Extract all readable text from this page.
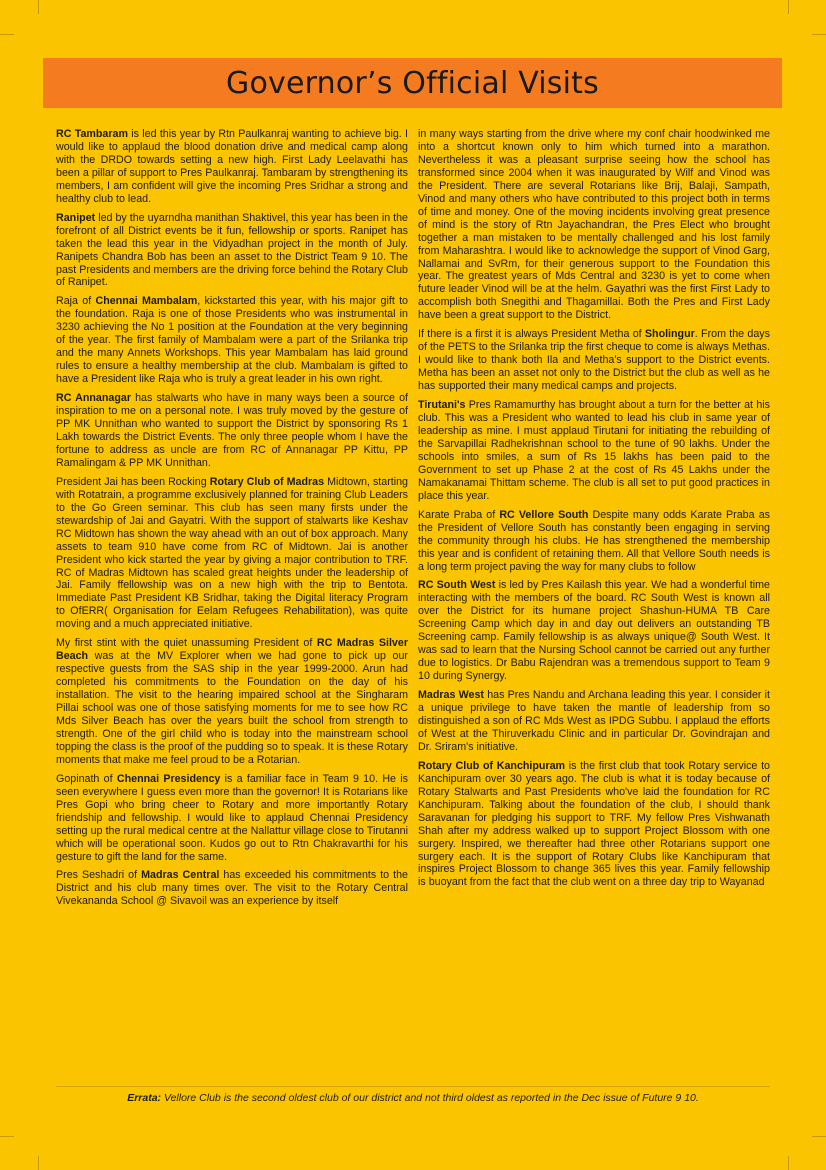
Governor’s Official Visits

RC Tambaram is led this year by Rtn Paulkanraj wanting to achieve big. I would like to applaud the blood donation drive and medical camp along with the DRDO towards setting a new high. First Lady Leelavathi has been a pillar of support to Pres Paulkanraj. Tambaram by strengthening its members, I am confident will give the incoming Pres Sridhar a strong and healthy club to lead.

Ranipet led by the uyarndha manithan Shaktivel, this year has been in the forefront of all District events be it fun, fellowship or sports. Ranipet has taken the lead this year in the Vidyadhan project in the month of July. Ranipets Chandra Bob has been an asset to the District Team 9 10. The past Presidents and members are the driving force behind the Rotary Club of Ranipet.

Raja of Chennai Mambalam, kickstarted this year, with his major gift to the foundation. Raja is one of those Presidents who was instrumental in 3230 achieving the No 1 position at the Foundation at the very beginning of the year. The first family of Mambalam were a part of the Srilanka trip and the many Annets Workshops. This year Mambalam has laid ground rules to ensure a healthy membership at the club. Mambalam is gifted to have a President like Raja who is truly a great leader in his own right.

RC Annanagar has stalwarts who have in many ways been a source of inspiration to me on a personal note. I was truly moved by the gesture of PP MK Unnithan who wanted to support the District by sponsoring Rs 1 Lakh towards the District Events. The only three people whom I have the fortune to address as uncle are from RC of Annanagar PP Kittu, PP Ramalingam & PP MK Unnithan.

President Jai has been Rocking Rotary Club of Madras Midtown, starting with Rotatrain, a programme exclusively planned for training Club Leaders to the Go Green seminar. This club has seen many firsts under the stewardship of Jai and Gayatri. With the support of stalwarts like Keshav RC Midtown has shown the way ahead with an out of box approach. Many assets to team 910 have come from RC of Midtown. Jai is another President who kick started the year by giving a major contribution to TRF. RC of Madras Midtown has scaled great heights under the leadership of Jai. Family ffellowship was on a new high with the trip to Bentota. Immediate Past President KB Sridhar, taking the Digital literacy Program to OfERR( Organisation for Eelam Refugees Rehabilitation), was quite moving and a much appreciated initiative.

My first stint with the quiet unassuming President of RC Madras Silver Beach was at the MV Explorer when we had gone to pick up our respective guests from the SAS ship in the year 1999-2000. Arun had completed his commitments to the Foundation on the day of his installation. The visit to the hearing impaired school at the Singharam Pillai school was one of those satisfying moments for me to see how RC Mds Silver Beach has over the years built the school from strength to strength. One of the girl child who is today into the mainstream school topping the class is the proof of the pudding so to speak. It is these Rotary moments that make me feel proud to be a Rotarian.

Gopinath of Chennai Presidency is a familiar face in Team 9 10. He is seen everywhere I guess even more than the governor! It is Rotarians like Pres Gopi who bring cheer to Rotary and more importantly Rotary friendship and fellowship. I would like to applaud Chennai Presidency setting up the rural medical centre at the Nallattur village close to Tirutanni which will be operational soon. Kudos go out to Rtn Chakravarthi for his gesture to gift the land for the same.

Pres Seshadri of Madras Central has exceeded his commitments to the District and his club many times over. The visit to the Rotary Central Vivekananda School @ Sivavoil was an experience by itself

in many ways starting from the drive where my conf chair hoodwinked me into a shortcut known only to him which turned into a marathon. Nevertheless it was a pleasant surprise seeing how the school has transformed since 2004 when it was inaugurated by Wilf and Vinod was the President. There are several Rotarians like Brij, Balaji, Sampath, Vinod and many others who have contributed to this project both in terms of time and money. One of the moving incidents involving great presence of mind is the story of Rtn Jayachandran, the Pres Elect who brought together a man mistaken to be mentally challenged and his lost family from Maharashtra. I would like to acknowledge the support of Vinod Garg, Nallamai and SvRm, for their generous support to the Foundation this year. The greatest years of Mds Central and 3230 is yet to come when future leader Vinod will be at the helm. Gayathri was the first First Lady to accomplish both Snegithi and Thagamillai. Both the Pres and First Lady have been a great support to the District.

If there is a first it is always President Metha of Sholingur. From the days of the PETS to the Srilanka trip the first cheque to come is always Methas. I would like to thank both Ila and Metha's support to the District events. Metha has been an asset not only to the District but the club as well as he has supported their many medical camps and projects.

Tirutani's Pres Ramamurthy has brought about a turn for the better at his club. This was a President who wanted to lead his club in same year of leadership as mine. I must applaud Tirutani for initiating the rebuilding of the Sarvapillai Radhekrishnan school to the tune of 90 lakhs. Under the schools into smiles, a sum of Rs 15 lakhs has been paid to the Government to set up Phase 2 at the cost of Rs 45 Lakhs under the Namakanamai Thittam scheme. The club is all set to put good practices in place this year.

Karate Praba of RC Vellore South Despite many odds Karate Praba as the President of Vellore South has constantly been engaging in serving the community through his clubs. He has strengthened the membership this year and is confident of retaining them. All that Vellore South needs is a long term project paving the way for many clubs to follow

RC South West is led by Pres Kailash this year. We had a wonderful time interacting with the members of the board. RC South West is known all over the District for its humane project Shashun-HUMA TB Care Screening Camp which day in and day out delivers an outstanding TB Screening camp. Family fellowship is as always unique@ South West. It was sad to learn that the Nursing School cannot be carried out any further due to logistics. Dr Babu Rajendran was a tremendous support to Team 9 10 during Synergy.

Madras West has Pres Nandu and Archana leading this year. I consider it a unique privilege to have taken the mantle of leadership from so distinguished a son of RC Mds West as IPDG Subbu. I applaud the efforts of West at the Thiruverkadu Clinic and in particular Dr. Govindrajan and Dr. Sriram's initiative.

Rotary Club of Kanchipuram is the first club that took Rotary service to Kanchipuram over 30 years ago. The club is what it is today because of Rotary Stalwarts and Past Presidents who've laid the foundation for RC Kanchipuram. Talking about the foundation of the club, I should thank Saravanan for pledging his support to TRF. My fellow Pres Vishwanath Shah after my address walked up to support Project Blossom with one surgery. Inspired, we thereafter had three other Rotarians support one surgery each. It is the support of Rotary Clubs like Kanchipuram that inspires Project Blossom to change 365 lives this year. Family fellowship is buoyant from the fact that the club went on a three day trip to Wayanad

Errata: Vellore Club is the second oldest club of our district and not third oldest as reported in the Dec issue of Future 9 10.
